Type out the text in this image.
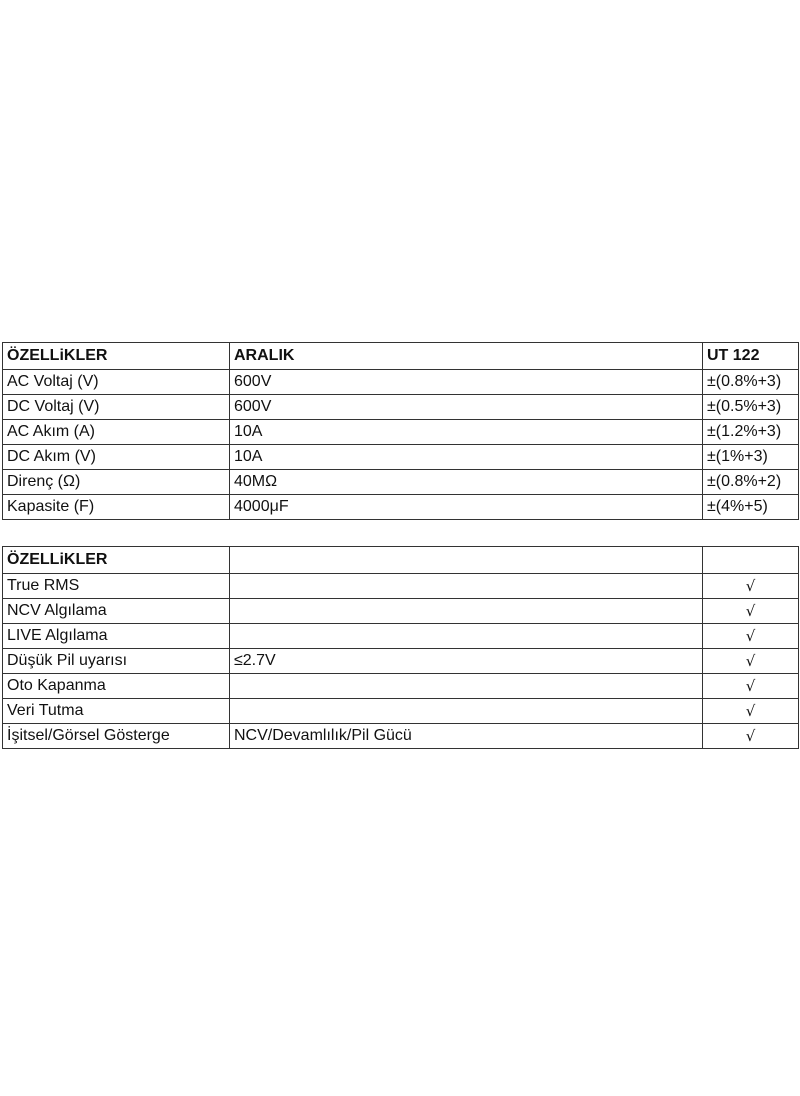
ÖZELLiKLER	ARALIK	UT 122
AC Voltaj (V)	600V	±(0.8%+3)
DC Voltaj (V)	600V	±(0.5%+3)
AC Akım (A)	10A	±(1.2%+3)
DC Akım (V)	10A	±(1%+3)
Direnç (Ω)	40MΩ	±(0.8%+2)
Kapasite (F)	4000μF	±(4%+5)
ÖZELLiKLER		
True RMS		√
NCV Algılama		√
LIVE Algılama		√
Düşük Pil uyarısı	≤2.7V	√
Oto Kapanma		√
Veri Tutma		√
İşitsel/Görsel Gösterge	NCV/Devamlılık/Pil Gücü	√
